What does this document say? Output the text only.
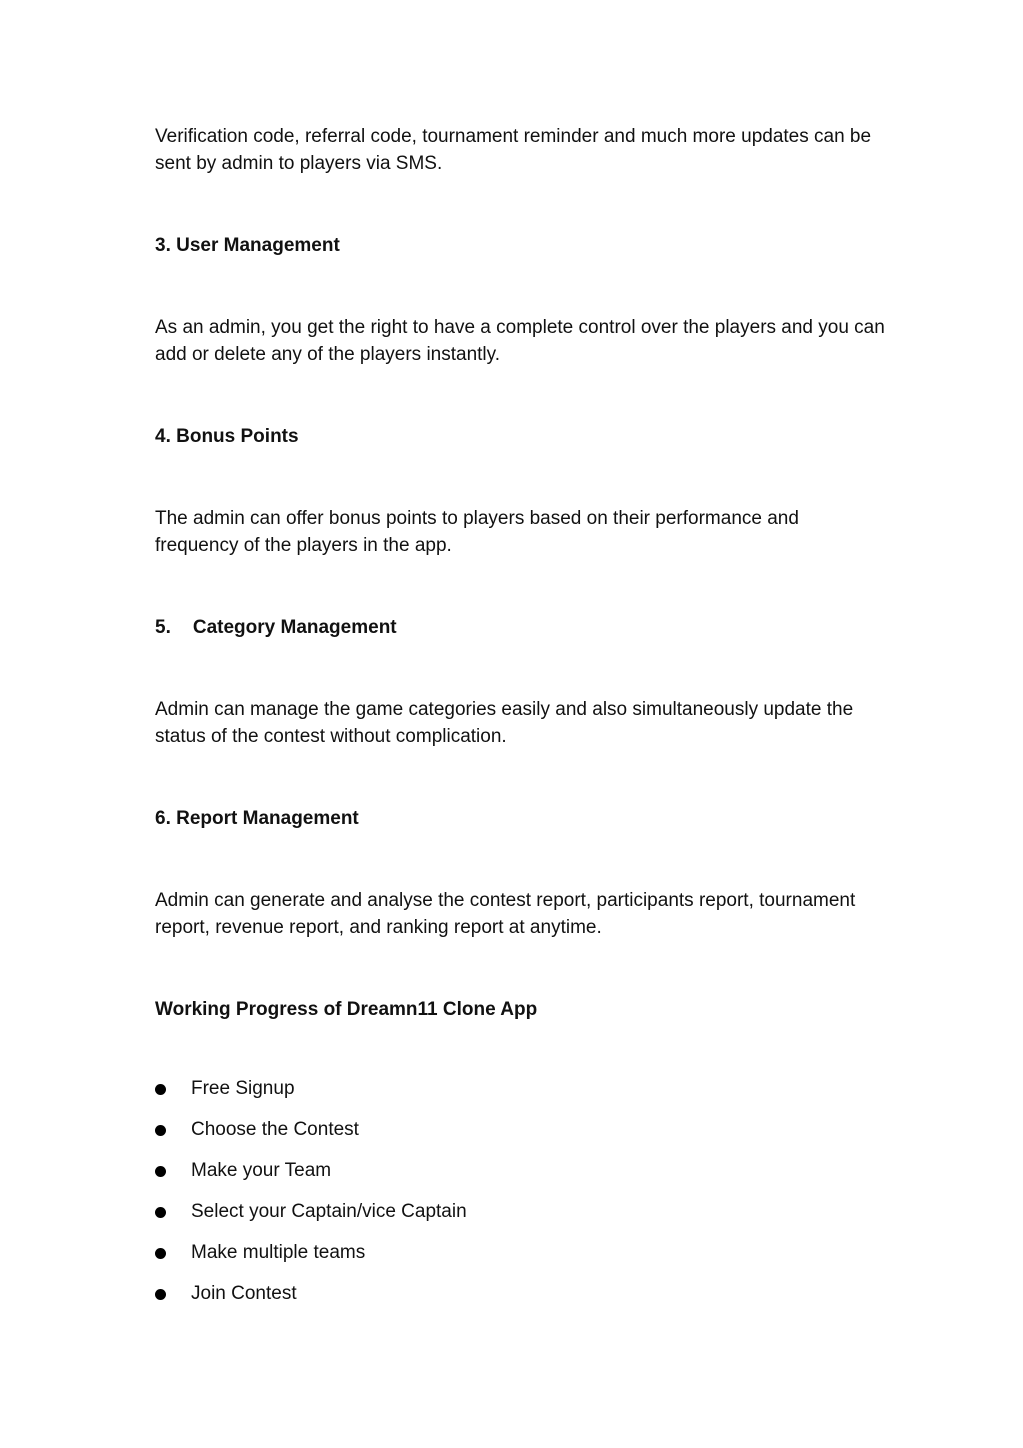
Verification code, referral code, tournament reminder and much more updates can be sent by admin to players via SMS.

3. User Management

As an admin, you get the right to have a complete control over the players and you can add or delete any of the players instantly.

4. Bonus Points

The admin can offer bonus points to players based on their performance and frequency of the players in the app.

5. Category Management

Admin can manage the game categories easily and also simultaneously update the status of the contest without complication.

6. Report Management

Admin can generate and analyse the contest report, participants report, tournament report, revenue report, and ranking report at anytime.

Working Progress of Dreamn11 Clone App

Free Signup
Choose the Contest
Make your Team
Select your Captain/vice Captain
Make multiple teams
Join Contest
